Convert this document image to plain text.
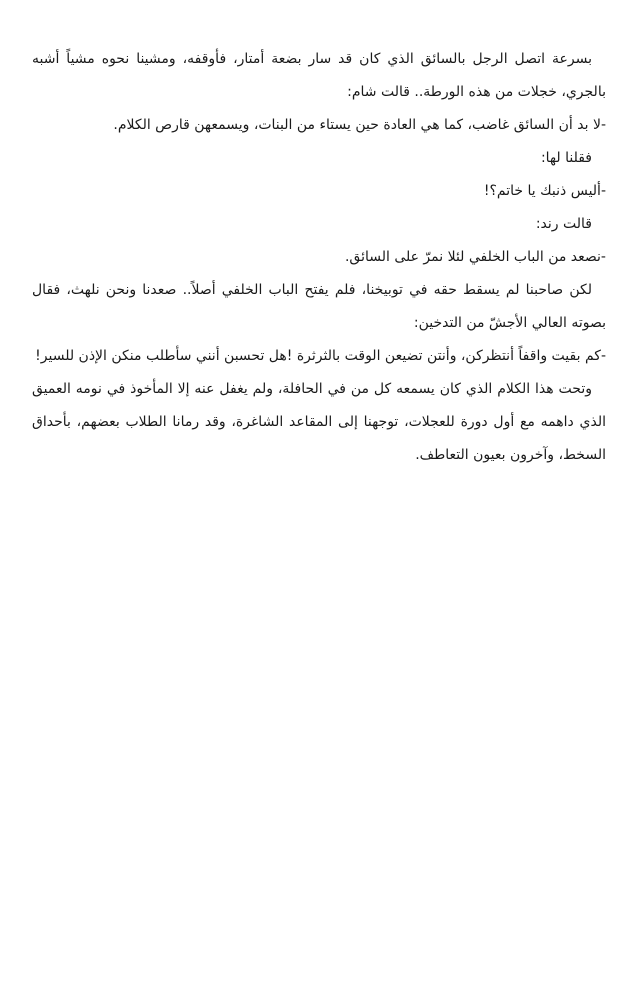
بسرعة اتصل الرجل بالسائق الذي كان قد سار بضعة أمتار، فأوقفه، ومشينا نحوه مشياً أشبه بالجري، خجلات من هذه الورطة.. قالت شام:

-لا بد أن السائق غاضب، كما هي العادة حين يستاء من البنات، ويسمعهن قارص الكلام.

فقلنا لها:

-أليس ذنبك يا خاتم؟!

قالت رند:

-نصعد من الباب الخلفي لئلا نمرّ على السائق.

لكن صاحبنا لم يسقط حقه في توبيخنا، فلم يفتح الباب الخلفي أصلاً.. صعدنا ونحن نلهث، فقال بصوته العالي الأجشّ من التدخين:

-كم بقيت واقفاً أنتظركن، وأنتن تضيعن الوقت بالثرثرة !هل تحسبن أنني سأطلب منكن الإذن للسير!

وتحت هذا الكلام الذي كان يسمعه كل من في الحافلة، ولم يغفل عنه إلا المأخوذ في نومه العميق الذي داهمه مع أول دورة للعجلات، توجهنا إلى المقاعد الشاغرة، وقد رمانا الطلاب بعضهم، بأحداق السخط، وآخرون بعيون التعاطف.
